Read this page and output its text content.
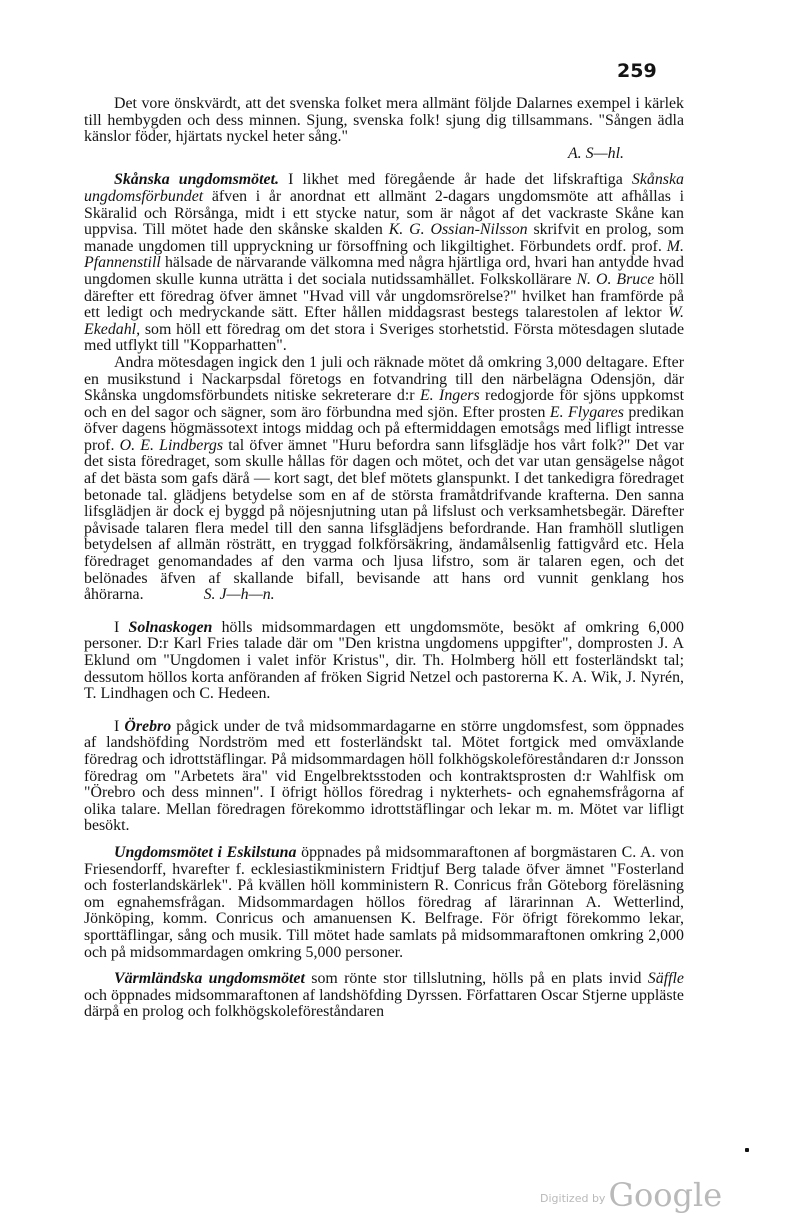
259

Det vore önskvärdt, att det svenska folket mera allmänt följde Dalarnes exempel i kärlek till hembygden och dess minnen. Sjung, svenska folk! sjung dig tillsammans. "Sången ädla känslor föder, hjärtats nyckel heter sång."

A. S—hl.

Skånska ungdomsmötet. I likhet med föregående år hade det lifskraftiga Skånska ungdomsförbundet äfven i år anordnat ett allmänt 2-dagars ungdomsmöte att afhållas i Skäralid och Rörsånga, midt i ett stycke natur, som är något af det vackraste Skåne kan uppvisa. Till mötet hade den skånske skalden K. G. Ossian-Nilsson skrifvit en prolog, som manade ungdomen till uppryckning ur försoffning och likgiltighet. Förbundets ordf. prof. M. Pfannenstill hälsade de närvarande välkomna med några hjärtliga ord, hvari han antydde hvad ungdomen skulle kunna uträtta i det sociala nutidssamhället. Folkskollärare N. O. Bruce höll därefter ett föredrag öfver ämnet "Hvad vill vår ungdomsrörelse?" hvilket han framförde på ett ledigt och medryckande sätt. Efter hållen middagsrast bestegs talarestolen af lektor W. Ekedahl, som höll ett föredrag om det stora i Sveriges storhetstid. Första mötesdagen slutade med utflykt till "Kopparhatten".

Andra mötesdagen ingick den 1 juli och räknade mötet då omkring 3,000 deltagare. Efter en musikstund i Nackarpsdal företogs en fotvandring till den närbelägna Odensjön, där Skånska ungdomsförbundets nitiske sekreterare d:r E. Ingers redogjorde för sjöns uppkomst och en del sagor och sägner, som äro förbundna med sjön. Efter prosten E. Flygares predikan öfver dagens högmässotext intogs middag och på eftermiddagen emotsågs med lifligt intresse prof. O. E. Lindbergs tal öfver ämnet "Huru befordra sann lifsglädje hos vårt folk?" Det var det sista föredraget, som skulle hållas för dagen och mötet, och det var utan gensägelse något af det bästa som gafs därå — kort sagt, det blef mötets glanspunkt. I det tankedigra föredraget betonade tal. glädjens betydelse som en af de största framåtdrifvande krafterna. Den sanna lifsglädjen är dock ej byggd på nöjesnjutning utan på lifslust och verksamhetsbegär. Därefter påvisade talaren flera medel till den sanna lifsglädjens befordrande. Han framhöll slutligen betydelsen af allmän rösträtt, en tryggad folkförsäkring, ändamålsenlig fattigvård etc. Hela föredraget genomandades af den varma och ljusa lifstro, som är talaren egen, och det belönades äfven af skallande bifall, bevisande att hans ord vunnit genklang hos åhörarna.	S. J—h—n.

I Solnaskogen hölls midsommardagen ett ungdomsmöte, besökt af omkring 6,000 personer. D:r Karl Fries talade där om "Den kristna ungdomens uppgifter", domprosten J. A Eklund om "Ungdomen i valet inför Kristus", dir. Th. Holmberg höll ett fosterländskt tal; dessutom höllos korta anföranden af fröken Sigrid Netzel och pastorerna K. A. Wik, J. Nyrén, T. Lindhagen och C. Hedeen.

I Örebro pågick under de två midsommardagarne en större ungdomsfest, som öppnades af landshöfding Nordström med ett fosterländskt tal. Mötet fortgick med omväxlande föredrag och idrottstäflingar. På midsommardagen höll folkhögskoleföreståndaren d:r Jonsson föredrag om "Arbetets ära" vid Engelbrektsstoden och kontraktsprosten d:r Wahlfisk om "Örebro och dess minnen". I öfrigt höllos föredrag i nykterhets- och egnahemsfrågorna af olika talare. Mellan föredragen förekommo idrottstäflingar och lekar m. m. Mötet var lifligt besökt.

Ungdomsmötet i Eskilstuna öppnades på midsommaraftonen af borgmästaren C. A. von Friesendorff, hvarefter f. ecklesiastikministern Fridtjuf Berg talade öfver ämnet "Fosterland och fosterlandskärlek". På kvällen höll komministern R. Conricus från Göteborg föreläsning om egnahemsfrågan. Midsommardagen höllos föredrag af lärarinnan A. Wetterlind, Jönköping, komm. Conricus och amanuensen K. Belfrage. För öfrigt förekommo lekar, sporttäflingar, sång och musik. Till mötet hade samlats på midsommaraftonen omkring 2,000 och på midsommardagen omkring 5,000 personer.

Värmländska ungdomsmötet som rönte stor tillslutning, hölls på en plats invid Säffle och öppnades midsommaraftonen af landshöfding Dyrssen. Författaren Oscar Stjerne uppläste därpå en prolog och folkhögskoleföreståndaren

$^{Digitized by}$Google
